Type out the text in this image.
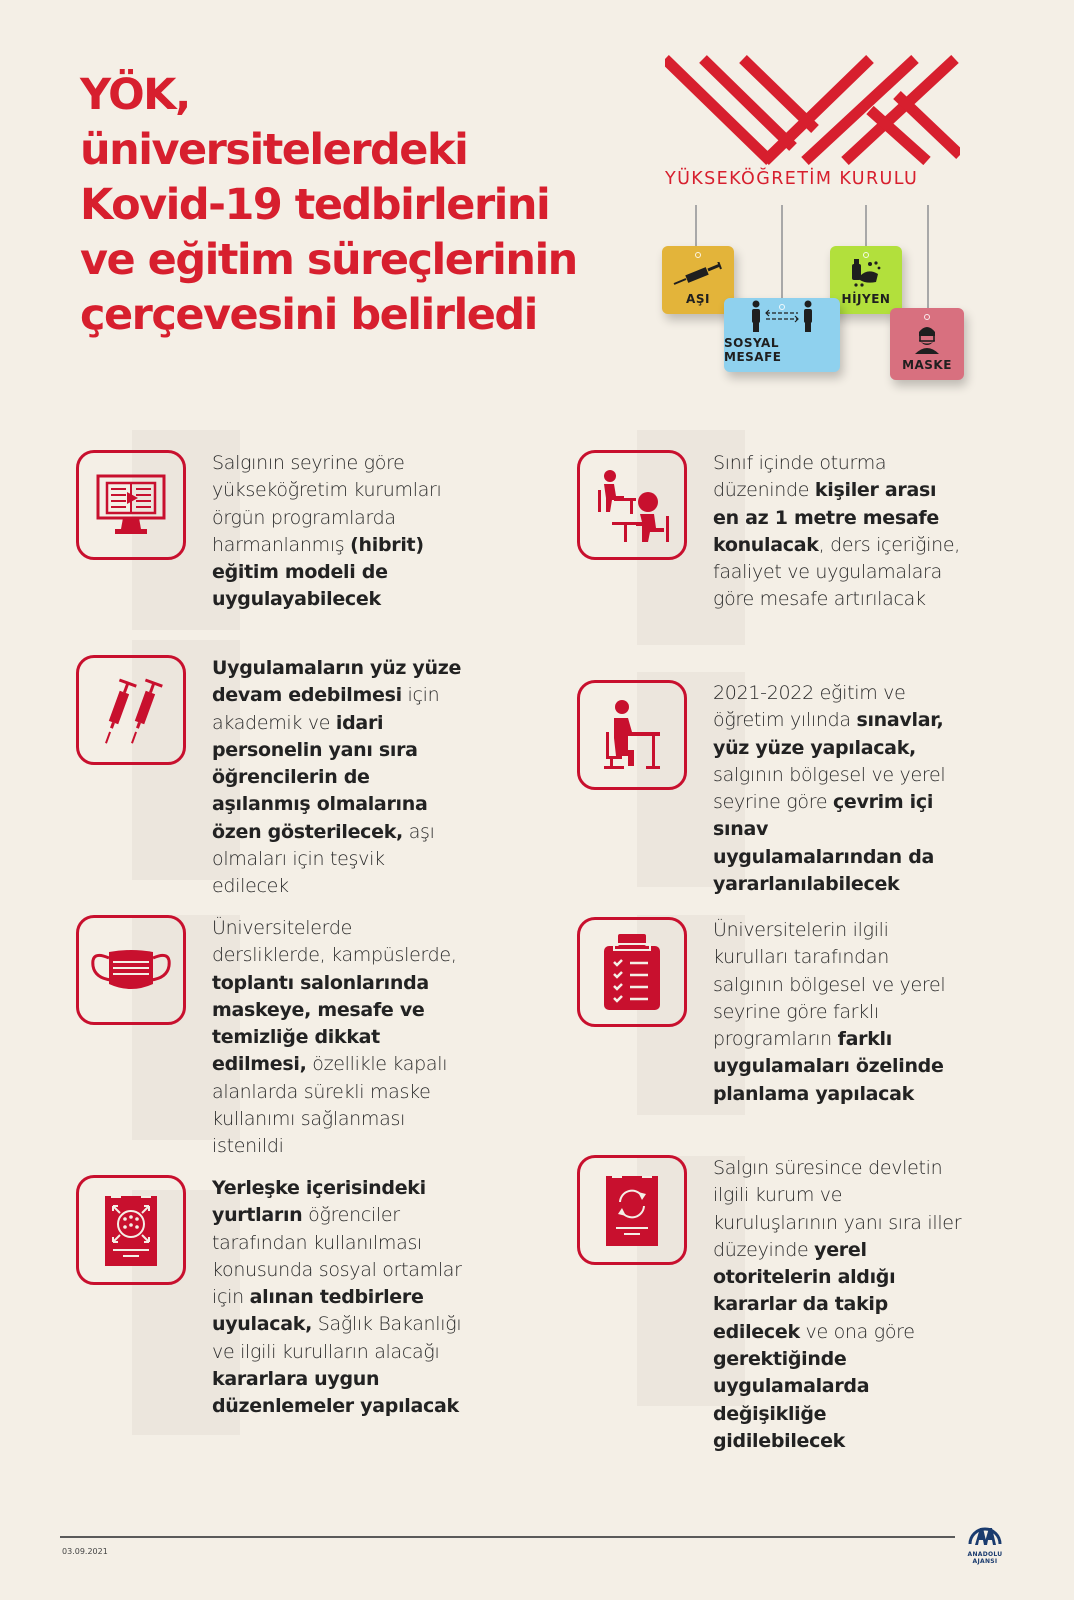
YÖK,
üniversitelerdeki
Kovid-19 tedbirlerini
ve eğitim süreçlerinin
çerçevesini belirledi
YÜKSEKÖĞRETİM KURULU
AŞI	HİJYEN
SOSYAL MESAFE
MASKE
Salgının seyrine göre yükseköğretim kurumları örgün programlarda harmanlanmış (hibrit) eğitim modeli de uygulayabilecek
Sınıf içinde oturma düzeninde kişiler arası en az 1 metre mesafe konulacak, ders içeriğine, faaliyet ve uygulamalara göre mesafe artırılacak
Uygulamaların yüz yüze devam edebilmesi için akademik ve idari personelin yanı sıra öğrencilerin de aşılanmış olmalarına özen gösterilecek, aşı olmaları için teşvik edilecek
2021-2022 eğitim ve öğretim yılında sınavlar, yüz yüze yapılacak, salgının bölgesel ve yerel seyrine göre çevrim içi sınav uygulamalarından da yararlanılabilecek
Üniversitelerde dersliklerde, kampüslerde, toplantı salonlarında maskeye, mesafe ve temizliğe dikkat edilmesi, özellikle kapalı alanlarda sürekli maske kullanımı sağlanması istenildi
Üniversitelerin ilgili kurulları tarafından salgının bölgesel ve yerel seyrine göre farklı programların farklı uygulamaları özelinde planlama yapılacak
Yerleşke içerisindeki yurtların öğrenciler tarafından kullanılması konusunda sosyal ortamlar için alınan tedbirlere uyulacak, Sağlık Bakanlığı ve ilgili kurulların alacağı kararlara uygun düzenlemeler yapılacak
Salgın süresince devletin ilgili kurum ve kuruluşlarının yanı sıra iller düzeyinde yerel otoritelerin aldığı kararlar da takip edilecek ve ona göre gerektiğinde uygulamalarda değişikliğe gidilebilecek
03.09.2021	ANADOLU AJANSI
